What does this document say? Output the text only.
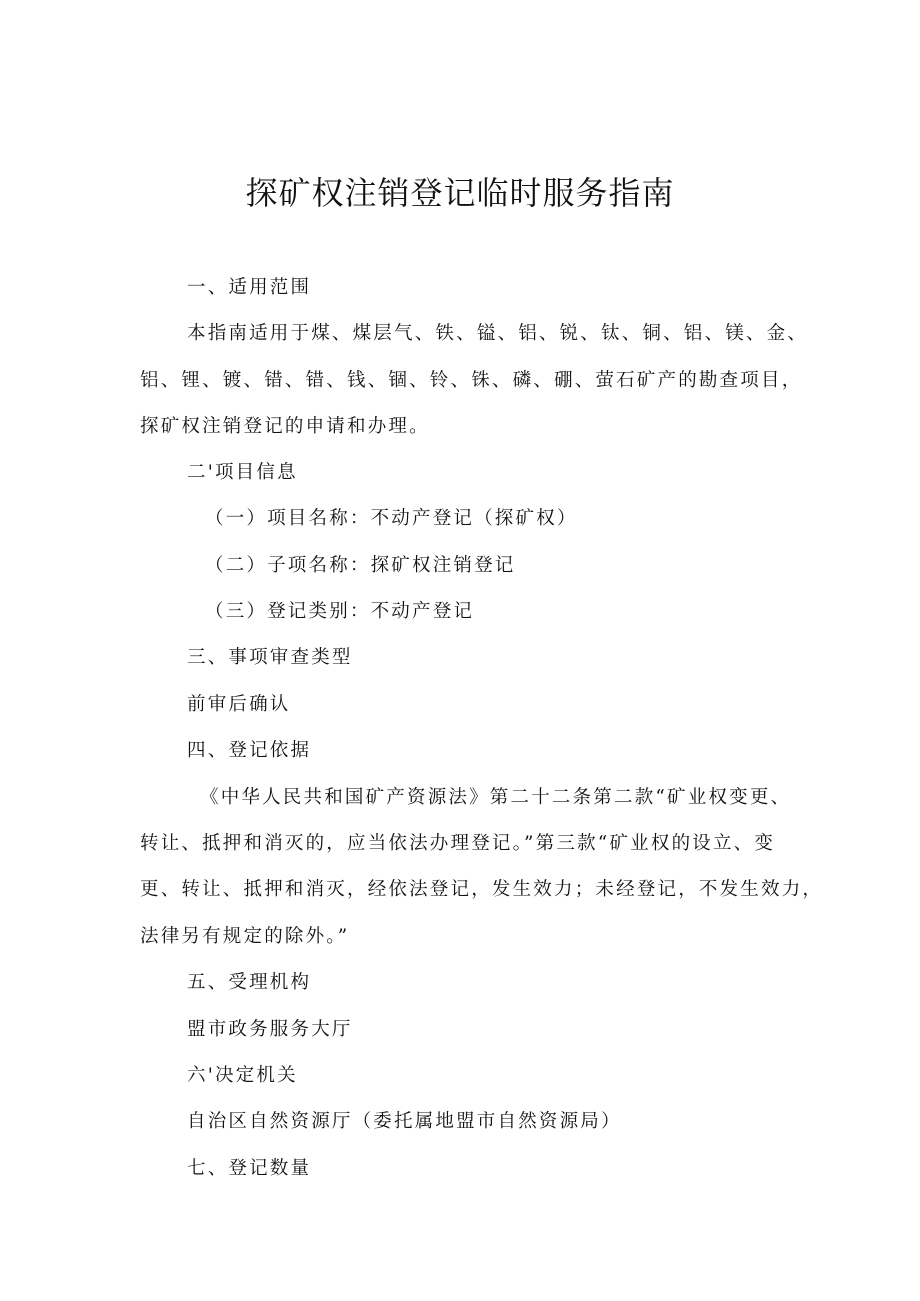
探矿权注销登记临时服务指南
一、适用范围
本指南适用于煤、煤层气、铁、镒、铝、锐、钛、铜、铝、镁、金、
铝、锂、镀、错、错、钱、锢、铃、铢、磷、硼、萤石矿产的勘查项目，
探矿权注销登记的申请和办理。
二'项目信息
（一）项目名称：不动产登记（探矿权）
（二）子项名称：探矿权注销登记
（三）登记类别：不动产登记
三、事项审查类型
前审后确认
四、登记依据
《中华人民共和国矿产资源法》第二十二条第二款“矿业权变更、
转让、抵押和消灭的，应当依法办理登记。”第三款“矿业权的设立、变
更、转让、抵押和消灭，经依法登记，发生效力；未经登记，不发生效力，
法律另有规定的除外。”
五、受理机构
盟市政务服务大厅
六'决定机关
自治区自然资源厅（委托属地盟市自然资源局）
七、登记数量
